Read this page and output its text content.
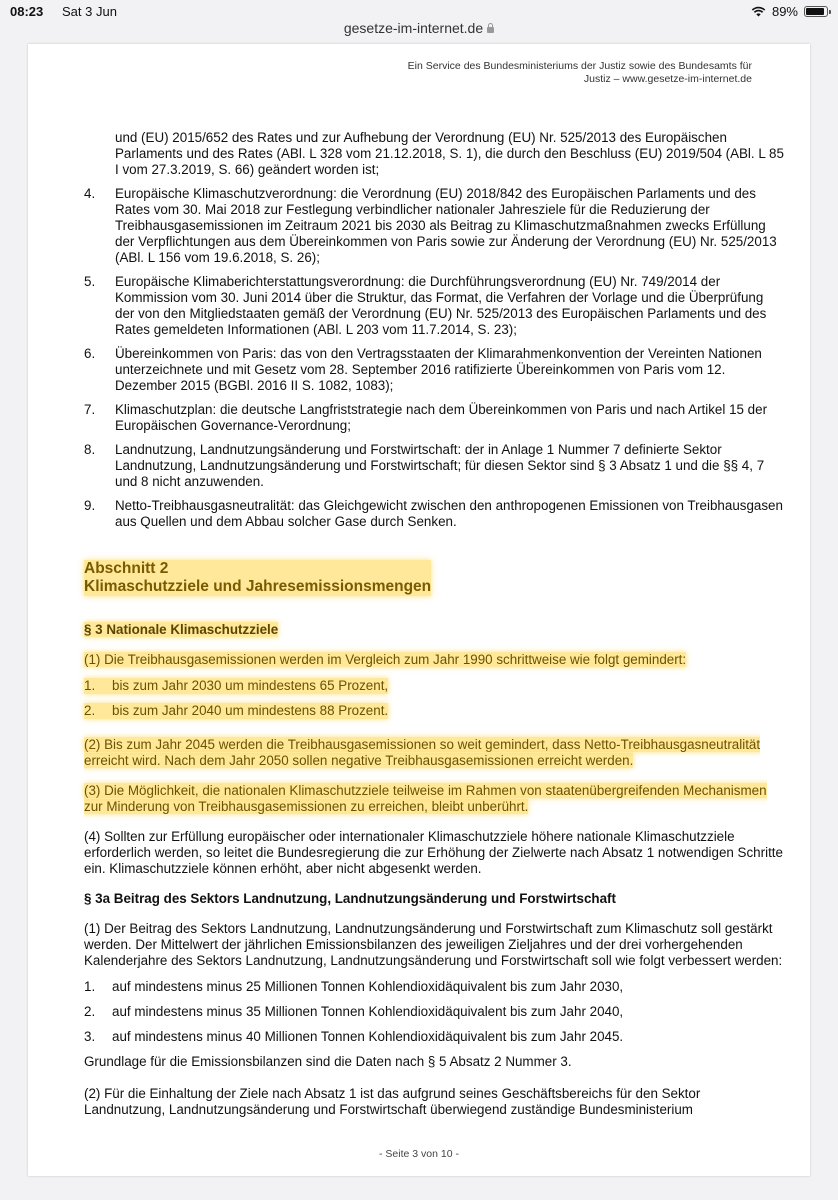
08:23 Sat 3 Jun	89%
gesetze-im-internet.de
Ein Service des Bundesministeriums der Justiz sowie des Bundesamts für
Justiz – www.gesetze-im-internet.de
und (EU) 2015/652 des Rates und zur Aufhebung der Verordnung (EU) Nr. 525/2013 des Europäischen Parlaments und des Rates (ABl. L 328 vom 21.12.2018, S. 1), die durch den Beschluss (EU) 2019/504 (ABl. L 85 I vom 27.3.2019, S. 66) geändert worden ist;
4.	Europäische Klimaschutzverordnung: die Verordnung (EU) 2018/842 des Europäischen Parlaments und des Rates vom 30. Mai 2018 zur Festlegung verbindlicher nationaler Jahresziele für die Reduzierung der Treibhausgasemissionen im Zeitraum 2021 bis 2030 als Beitrag zu Klimaschutzmaßnahmen zwecks Erfüllung der Verpflichtungen aus dem Übereinkommen von Paris sowie zur Änderung der Verordnung (EU) Nr. 525/2013 (ABl. L 156 vom 19.6.2018, S. 26);
5.	Europäische Klimaberichterstattungsverordnung: die Durchführungsverordnung (EU) Nr. 749/2014 der Kommission vom 30. Juni 2014 über die Struktur, das Format, die Verfahren der Vorlage und die Überprüfung der von den Mitgliedstaaten gemäß der Verordnung (EU) Nr. 525/2013 des Europäischen Parlaments und des Rates gemeldeten Informationen (ABl. L 203 vom 11.7.2014, S. 23);
6.	Übereinkommen von Paris: das von den Vertragsstaaten der Klimarahmenkonvention der Vereinten Nationen unterzeichnete und mit Gesetz vom 28. September 2016 ratifizierte Übereinkommen von Paris vom 12. Dezember 2015 (BGBl. 2016 II S. 1082, 1083);
7.	Klimaschutzplan: die deutsche Langfriststrategie nach dem Übereinkommen von Paris und nach Artikel 15 der Europäischen Governance-Verordnung;
8.	Landnutzung, Landnutzungsänderung und Forstwirtschaft: der in Anlage 1 Nummer 7 definierte Sektor Landnutzung, Landnutzungsänderung und Forstwirtschaft; für diesen Sektor sind § 3 Absatz 1 und die §§ 4, 7 und 8 nicht anzuwenden.
9.	Netto-Treibhausgasneutralität: das Gleichgewicht zwischen den anthropogenen Emissionen von Treibhausgasen aus Quellen und dem Abbau solcher Gase durch Senken.
Abschnitt 2
Klimaschutzziele und Jahresemissionsmengen
§ 3 Nationale Klimaschutzziele
(1) Die Treibhausgasemissionen werden im Vergleich zum Jahr 1990 schrittweise wie folgt gemindert:
1.	bis zum Jahr 2030 um mindestens 65 Prozent,
2.	bis zum Jahr 2040 um mindestens 88 Prozent.
(2) Bis zum Jahr 2045 werden die Treibhausgasemissionen so weit gemindert, dass Netto-Treibhausgasneutralität erreicht wird. Nach dem Jahr 2050 sollen negative Treibhausgasemissionen erreicht werden.
(3) Die Möglichkeit, die nationalen Klimaschutzziele teilweise im Rahmen von staatenübergreifenden Mechanismen zur Minderung von Treibhausgasemissionen zu erreichen, bleibt unberührt.
(4) Sollten zur Erfüllung europäischer oder internationaler Klimaschutzziele höhere nationale Klimaschutzziele erforderlich werden, so leitet die Bundesregierung die zur Erhöhung der Zielwerte nach Absatz 1 notwendigen Schritte ein. Klimaschutzziele können erhöht, aber nicht abgesenkt werden.
§ 3a Beitrag des Sektors Landnutzung, Landnutzungsänderung und Forstwirtschaft
(1) Der Beitrag des Sektors Landnutzung, Landnutzungsänderung und Forstwirtschaft zum Klimaschutz soll gestärkt werden. Der Mittelwert der jährlichen Emissionsbilanzen des jeweiligen Zieljahres und der drei vorhergehenden Kalenderjahre des Sektors Landnutzung, Landnutzungsänderung und Forstwirtschaft soll wie folgt verbessert werden:
1.	auf mindestens minus 25 Millionen Tonnen Kohlendioxidäquivalent bis zum Jahr 2030,
2.	auf mindestens minus 35 Millionen Tonnen Kohlendioxidäquivalent bis zum Jahr 2040,
3.	auf mindestens minus 40 Millionen Tonnen Kohlendioxidäquivalent bis zum Jahr 2045.
Grundlage für die Emissionsbilanzen sind die Daten nach § 5 Absatz 2 Nummer 3.
(2) Für die Einhaltung der Ziele nach Absatz 1 ist das aufgrund seines Geschäftsbereichs für den Sektor Landnutzung, Landnutzungsänderung und Forstwirtschaft überwiegend zuständige Bundesministerium
- Seite 3 von 10 -
